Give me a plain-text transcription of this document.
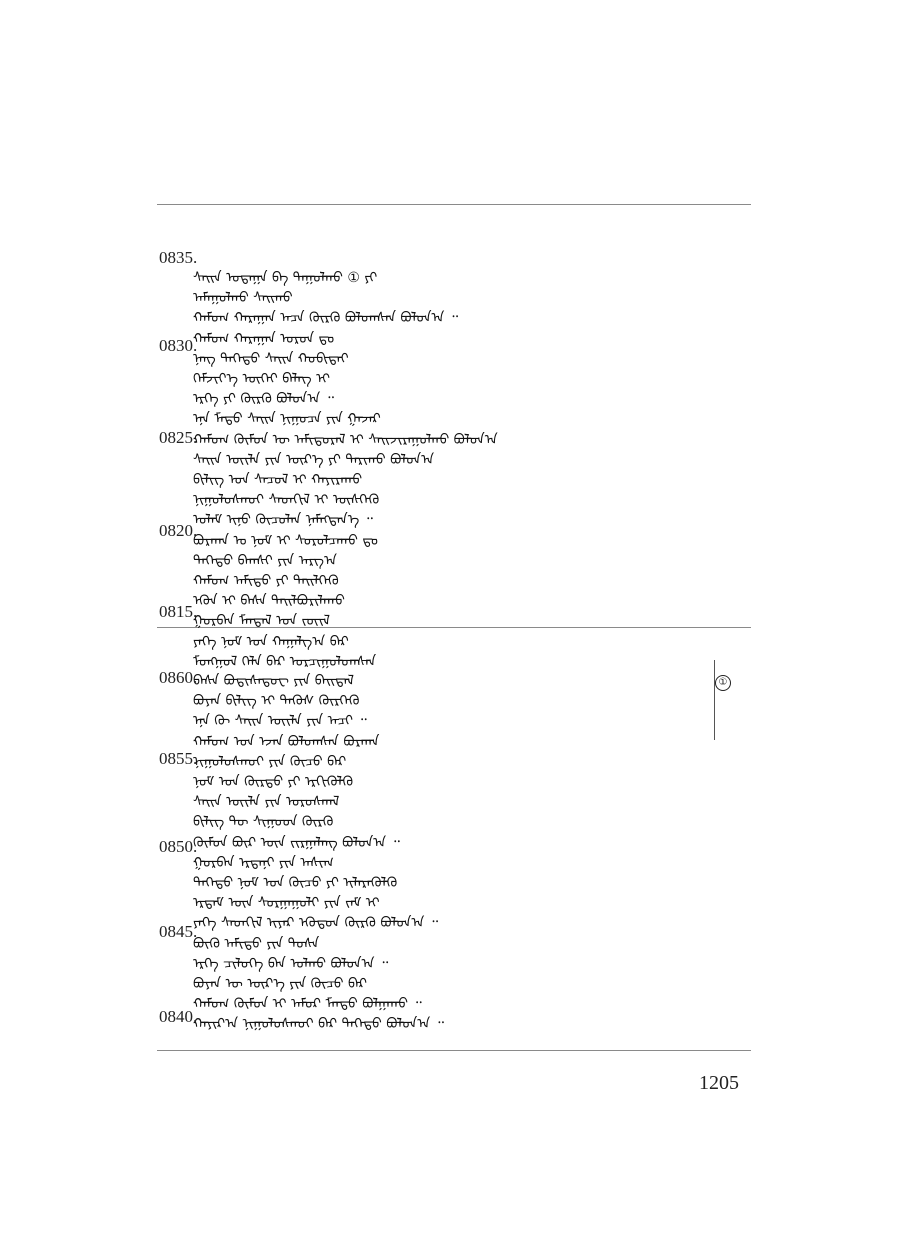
ᠰᠠᠢᠨ ᠤᠳᠠᠭᠠ ᠪᠠ ᠲᠠᠭᠤᠯᠬᠤ ① ᠶᠢ
ᠠᠮᠠᠭᠤᠯᠬᠤ ᠰᠠᠢᠬᠤ
ᠬᠠᠮᠤᠭ ᠬᠠᠷᠠᠭᠠᠨ ᠠᠴᠠ ᠬᠦᠷᠬᠦ ᠪᠣᠯᠤᠭᠰᠠᠨ ᠪᠣᠯᠤᠨ᠎ᠠ ᠃
ᠬᠠᠮᠤᠭ ᠬᠠᠷᠠᠭᠠᠨ ᠣᠷᠤᠨ ᠳᠤ
ᠨᠡᠩ ᠳᠡᠭᠡᠳᠦ ᠰᠠᠢᠨ ᠬᠤᠪᠢᠲᠠᠢ
ᠬᠡᠮᠵᠢᠶ᠎ᠡ ᠦᠭᠡᠢ ᠪᠡᠯᠡᠭ ᠢ
ᠡᠷᠬᠡ ᠶᠢ ᠬᠦᠷᠬᠦ ᠪᠣᠯᠤᠨ᠎ᠠ ᠃
ᠡᠨᠡ ᠮᠡᠲᠦ ᠰᠠᠢᠨ ᠨᠢᠭᠤᠴᠠ ᠶᠢᠨ ᠭᠠᠵᠠᠷ
ᠬᠠᠮᠤᠭ ᠬᠦᠮᠦᠨ ᠦ ᠠᠮᠢᠳᠤᠷᠠᠯ ᠢ ᠰᠠᠢᠵᠢᠷᠠᠭᠤᠯᠬᠤ ᠪᠣᠯᠤᠨ᠎ᠠ
ᠰᠠᠢᠨ ᠦᠢᠯᠡ ᠶᠢᠨ ᠦᠷ᠎ᠡ ᠶᠢ ᠲᠠᠷᠢᠬᠤ ᠪᠣᠯᠤᠨ᠎ᠠ
ᠪᠢᠯᠢᠭ ᠤᠨ ᠰᠠᠴᠤᠯ ᠢ ᠬᠠᠶᠢᠷᠠᠬᠤ
ᠨᠢᠭᠤᠯᠤᠰᠬᠤᠢ ᠰᠡᠳᠬᠢᠯ ᠢ ᠦᠰᠬᠡᠬᠦ
ᠤᠯᠠᠮ ᠢᠨᠦ ᠬᠦᠴᠦᠯᠡᠨ ᠨᠡᠮᠡᠭᠳᠡᠨ᠎ᠡ ᠃
ᠪᠤᠷᠬᠠᠨ ᠤ ᠨᠣᠮ ᠢ ᠰᠤᠷᠤᠯᠴᠠᠬᠤ ᠳᠤ
ᠳᠡᠭᠡᠳᠦ ᠪᠠᠭᠰᠢ ᠶᠢᠨ ᠠᠷᠭ᠎ᠠ
ᠬᠠᠮᠤᠭ ᠠᠮᠢᠳᠤ ᠶᠢ ᠲᠡᠢᠯᠭᠡᠬᠦ
ᠡᠭᠦᠨ ᠢ ᠪᠠᠰᠠ ᠲᠠᠢᠯᠪᠤᠷᠢᠯᠠᠬᠤ
ᠭᠤᠷᠪᠠᠨ ᠮᠠᠨᠳᠠᠯ ᠤᠨ ᠵᠦᠢᠯ
ᠶᠡᠬᠡ ᠨᠣᠮ ᠤᠨ ᠬᠠᠭᠠᠯᠭ᠎ᠠ ᠪᠠᠷ
ᠮᠣᠩᠭᠣᠯ ᠬᠡᠯᠡ ᠪᠡᠷ ᠣᠷᠴᠢᠭᠤᠯᠤᠭᠰᠠᠨ
0835.
0830.
0825.
0820.
0815.
①
ᠪᠠᠰᠠ ᠪᠣᠳᠢᠰᠠᠳᠤᠸ ᠶᠢᠨ ᠪᠠᠢᠳᠠᠯ
ᠪᠤᠶᠠᠨ ᠪᠢᠯᠢᠭ ᠢ ᠲᠡᠭᠦᠰ ᠬᠦᠷᠭᠡᠬᠦ
ᠡᠨᠡ ᠬᠦ ᠰᠠᠢᠨ ᠦᠢᠯᠡ ᠶᠢᠨ ᠠᠴᠢ ᠃
ᠬᠠᠮᠤᠭ ᠤᠨ ᠡᠵᠡᠨ ᠪᠣᠯᠤᠭᠰᠠᠨ ᠪᠤᠷᠬᠠᠨ
ᠨᠢᠭᠤᠯᠤᠰᠬᠤᠢ ᠶᠢᠨ ᠬᠦᠴᠦ ᠪᠠᠷ
ᠨᠣᠮ ᠤᠨ ᠬᠦᠷᠳᠦ ᠶᠢ ᠡᠷᠭᠢᠭᠦᠯᠬᠦ
ᠰᠠᠢᠨ ᠦᠢᠯᠡ ᠶᠢᠨ ᠤᠷᠤᠰᠬᠠᠯ
ᠪᠢᠯᠢᠭ ᠲᠦ ᠰᠢᠭᠤᠳ ᠬᠦᠷᠬᠦ
ᠬᠦᠮᠦᠨ ᠪᠦᠷ ᠦᠨ ᠵᠢᠷᠭᠠᠯᠠᠩ ᠪᠣᠯᠤᠨ᠎ᠠ ᠃
ᠭᠤᠷᠪᠠᠨ ᠡᠷᠳᠡᠨᠢ ᠶᠢᠨ ᠠᠰᠢᠭ
ᠳᠡᠭᠡᠳᠦ ᠨᠣᠮ ᠤᠨ ᠬᠦᠴᠦ ᠶᠢ ᠢᠯᠡᠷᠡᠭᠦᠯᠬᠦ
ᠡᠷᠳᠡᠮ ᠦᠨ ᠰᠤᠷᠭᠠᠭᠤᠯᠢ ᠶᠢᠨ ᠵᠠᠮ ᠢ
ᠶᠡᠬᠡ ᠰᠡᠳᠬᠢᠯ ᠢᠶᠡᠷ ᠡᠭᠦᠳᠦᠨ ᠬᠦᠷᠬᠦ ᠪᠣᠯᠤᠨ᠎ᠠ ᠃
ᠪᠦᠬᠦ ᠠᠮᠢᠳᠤ ᠶᠢᠨ ᠲᠤᠰᠠ
ᠡᠷᠬᠡ ᠴᠢᠯᠦᠭᠡ ᠪᠡᠨ ᠣᠯᠬᠤ ᠪᠣᠯᠤᠨ᠎ᠠ ᠃
ᠪᠤᠶᠠᠨ ᠦ ᠦᠷ᠎ᠡ ᠶᠢᠨ ᠬᠦᠴᠦ ᠪᠠᠷ
ᠬᠠᠮᠤᠭ ᠬᠦᠮᠦᠨ ᠢ ᠠᠮᠤᠷ ᠮᠡᠨᠳᠦ ᠪᠣᠯᠭᠠᠬᠤ ᠃
ᠬᠠᠶᠢᠷ᠎ᠠ ᠨᠢᠭᠤᠯᠤᠰᠬᠤᠢ ᠪᠠᠷ ᠳᠡᠭᠡᠳᠦ ᠪᠣᠯᠤᠨ᠎ᠠ ᠃
0860.
0855.
0850.
0845.
0840.
1205
